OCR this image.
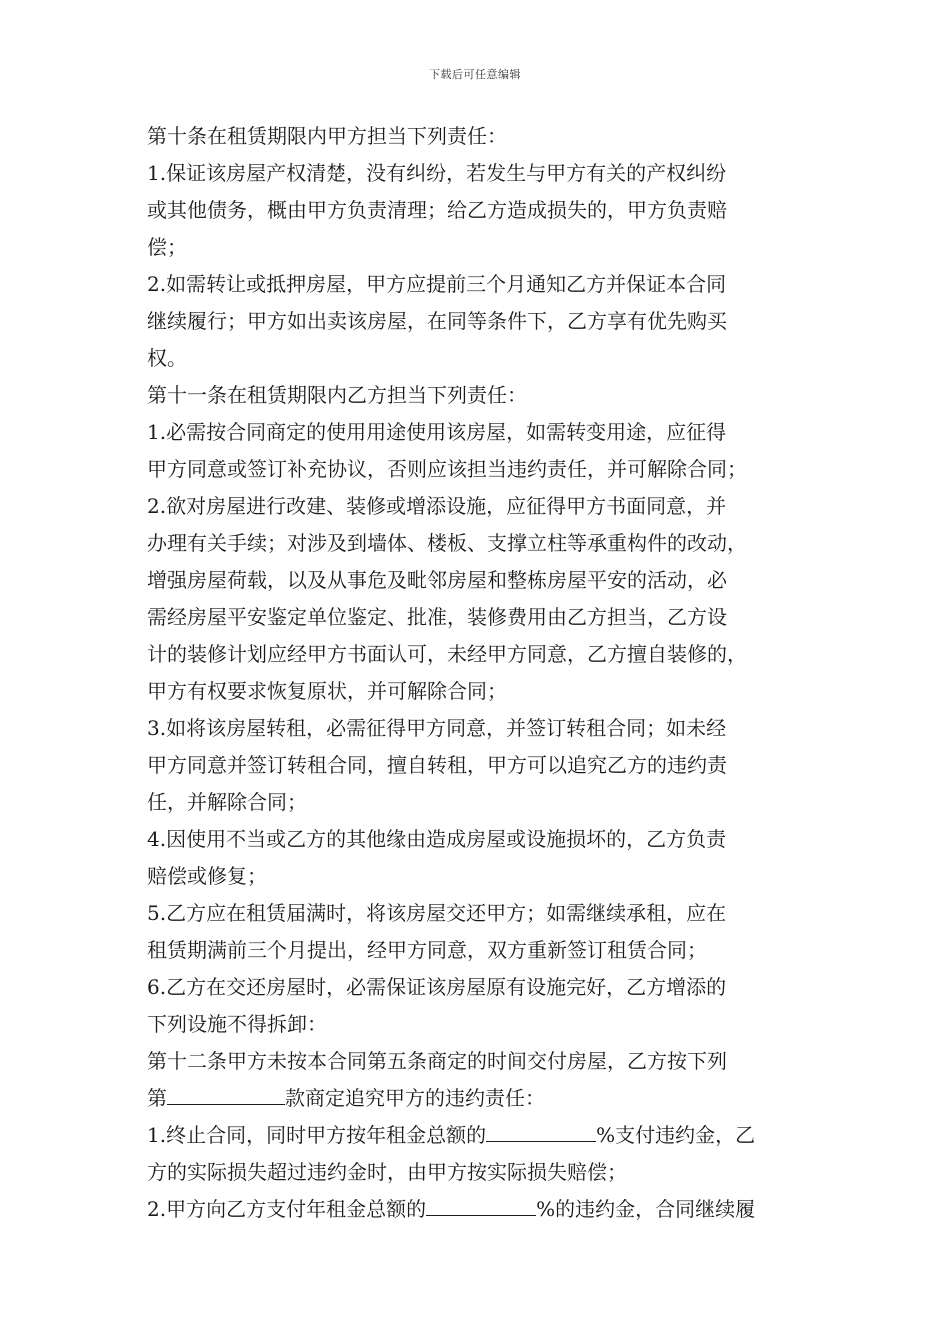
下载后可任意编辑
第十条在租赁期限内甲方担当下列责任：
1.保证该房屋产权清楚，没有纠纷，若发生与甲方有关的产权纠纷
或其他债务，概由甲方负责清理；给乙方造成损失的，甲方负责赔
偿；
2.如需转让或抵押房屋，甲方应提前三个月通知乙方并保证本合同
继续履行；甲方如出卖该房屋，在同等条件下，乙方享有优先购买
权。
第十一条在租赁期限内乙方担当下列责任：
1.必需按合同商定的使用用途使用该房屋，如需转变用途，应征得
甲方同意或签订补充协议，否则应该担当违约责任，并可解除合同；
2.欲对房屋进行改建、装修或增添设施，应征得甲方书面同意，并
办理有关手续；对涉及到墙体、楼板、支撑立柱等承重构件的改动，
增强房屋荷载，以及从事危及毗邻房屋和整栋房屋平安的活动，必
需经房屋平安鉴定单位鉴定、批准，装修费用由乙方担当，乙方设
计的装修计划应经甲方书面认可，未经甲方同意，乙方擅自装修的，
甲方有权要求恢复原状，并可解除合同；
3.如将该房屋转租，必需征得甲方同意，并签订转租合同；如未经
甲方同意并签订转租合同，擅自转租，甲方可以追究乙方的违约责
任，并解除合同；
4.因使用不当或乙方的其他缘由造成房屋或设施损坏的，乙方负责
赔偿或修复；
5.乙方应在租赁届满时，将该房屋交还甲方；如需继续承租，应在
租赁期满前三个月提出，经甲方同意，双方重新签订租赁合同；
6.乙方在交还房屋时，必需保证该房屋原有设施完好，乙方增添的
下列设施不得拆卸：
第十二条甲方未按本合同第五条商定的时间交付房屋，乙方按下列
第	款商定追究甲方的违约责任：
1.终止合同，同时甲方按年租金总额的	%支付违约金，乙
方的实际损失超过违约金时，由甲方按实际损失赔偿；
2.甲方向乙方支付年租金总额的	%的违约金，合同继续履
